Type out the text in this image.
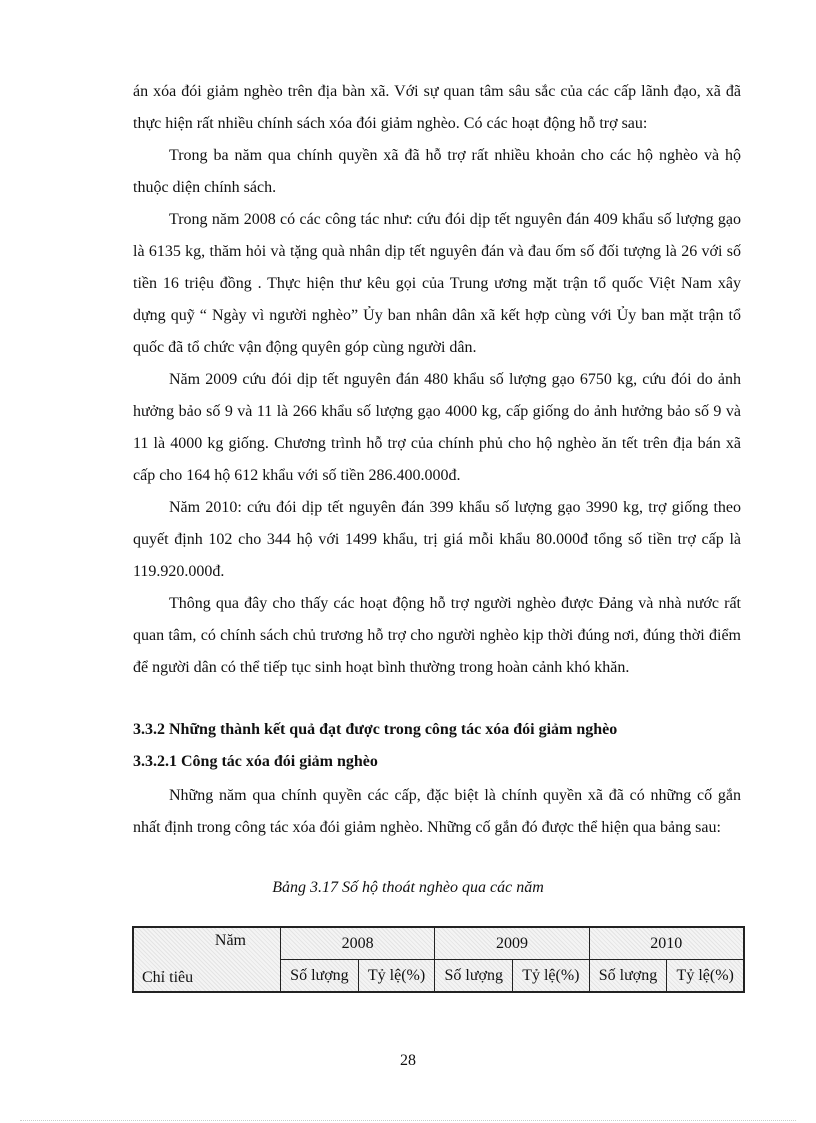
án xóa đói giảm nghèo trên địa bàn xã. Với sự quan tâm sâu sắc của các cấp lãnh đạo, xã đã thực hiện rất nhiều chính sách xóa đói giảm nghèo. Có các hoạt động hỗ trợ sau:

Trong ba năm qua chính quyền xã đã hỗ trợ rất nhiều khoản cho các hộ nghèo và hộ thuộc diện chính sách.

Trong năm 2008 có các công tác như: cứu đói dịp tết nguyên đán 409 khẩu số lượng gạo là 6135 kg, thăm hỏi và tặng quà nhân dịp tết nguyên đán và đau ốm số đối tượng là 26 với số tiền 16 triệu đồng . Thực hiện thư kêu gọi của Trung ương mặt trận tổ quốc Việt Nam xây dựng quỹ “ Ngày vì người nghèo” Ủy ban nhân dân xã kết hợp cùng với Ủy ban mặt trận tổ quốc đã tổ chức vận động quyên góp cùng người dân.

Năm 2009 cứu đói dịp tết nguyên đán 480 khẩu số lượng gạo 6750 kg, cứu đói do ảnh hưởng bảo số 9 và 11 là 266 khẩu số lượng gạo 4000 kg, cấp giống do ảnh hưởng bảo số 9 và 11 là 4000 kg giống. Chương trình hỗ trợ của chính phủ cho hộ nghèo ăn tết trên địa bán xã cấp cho 164 hộ 612 khẩu với số tiền 286.400.000đ.

Năm 2010: cứu đói dịp tết nguyên đán 399 khẩu số lượng gạo 3990 kg, trợ giống theo quyết định 102 cho 344 hộ với 1499 khẩu, trị giá mỗi khẩu 80.000đ tổng số tiền trợ cấp là 119.920.000đ.

Thông qua đây cho thấy các hoạt động hỗ trợ người nghèo được Đảng và nhà nước rất quan tâm, có chính sách chủ trương hỗ trợ cho người nghèo kịp thời đúng nơi, đúng thời điểm để người dân có thể tiếp tục sinh hoạt bình thường trong hoàn cảnh khó khăn.

3.3.2 Những thành kết quả đạt được trong công tác xóa đói giảm nghèo

3.3.2.1 Công tác xóa đói giảm nghèo

Những năm qua chính quyền các cấp, đặc biệt là chính quyền xã đã có những cố gắn nhất định trong công tác xóa đói giảm nghèo. Những cố gắn đó được thể hiện qua bảng sau:

Bảng 3.17 Số hộ thoát nghèo qua các năm
Năm
Chỉ tiêu	2008		2009		2010	
	Số lượng	Tỷ lệ(%)	Số lượng	Tỷ lệ(%)	Số lượng	Tỷ lệ(%)
28
